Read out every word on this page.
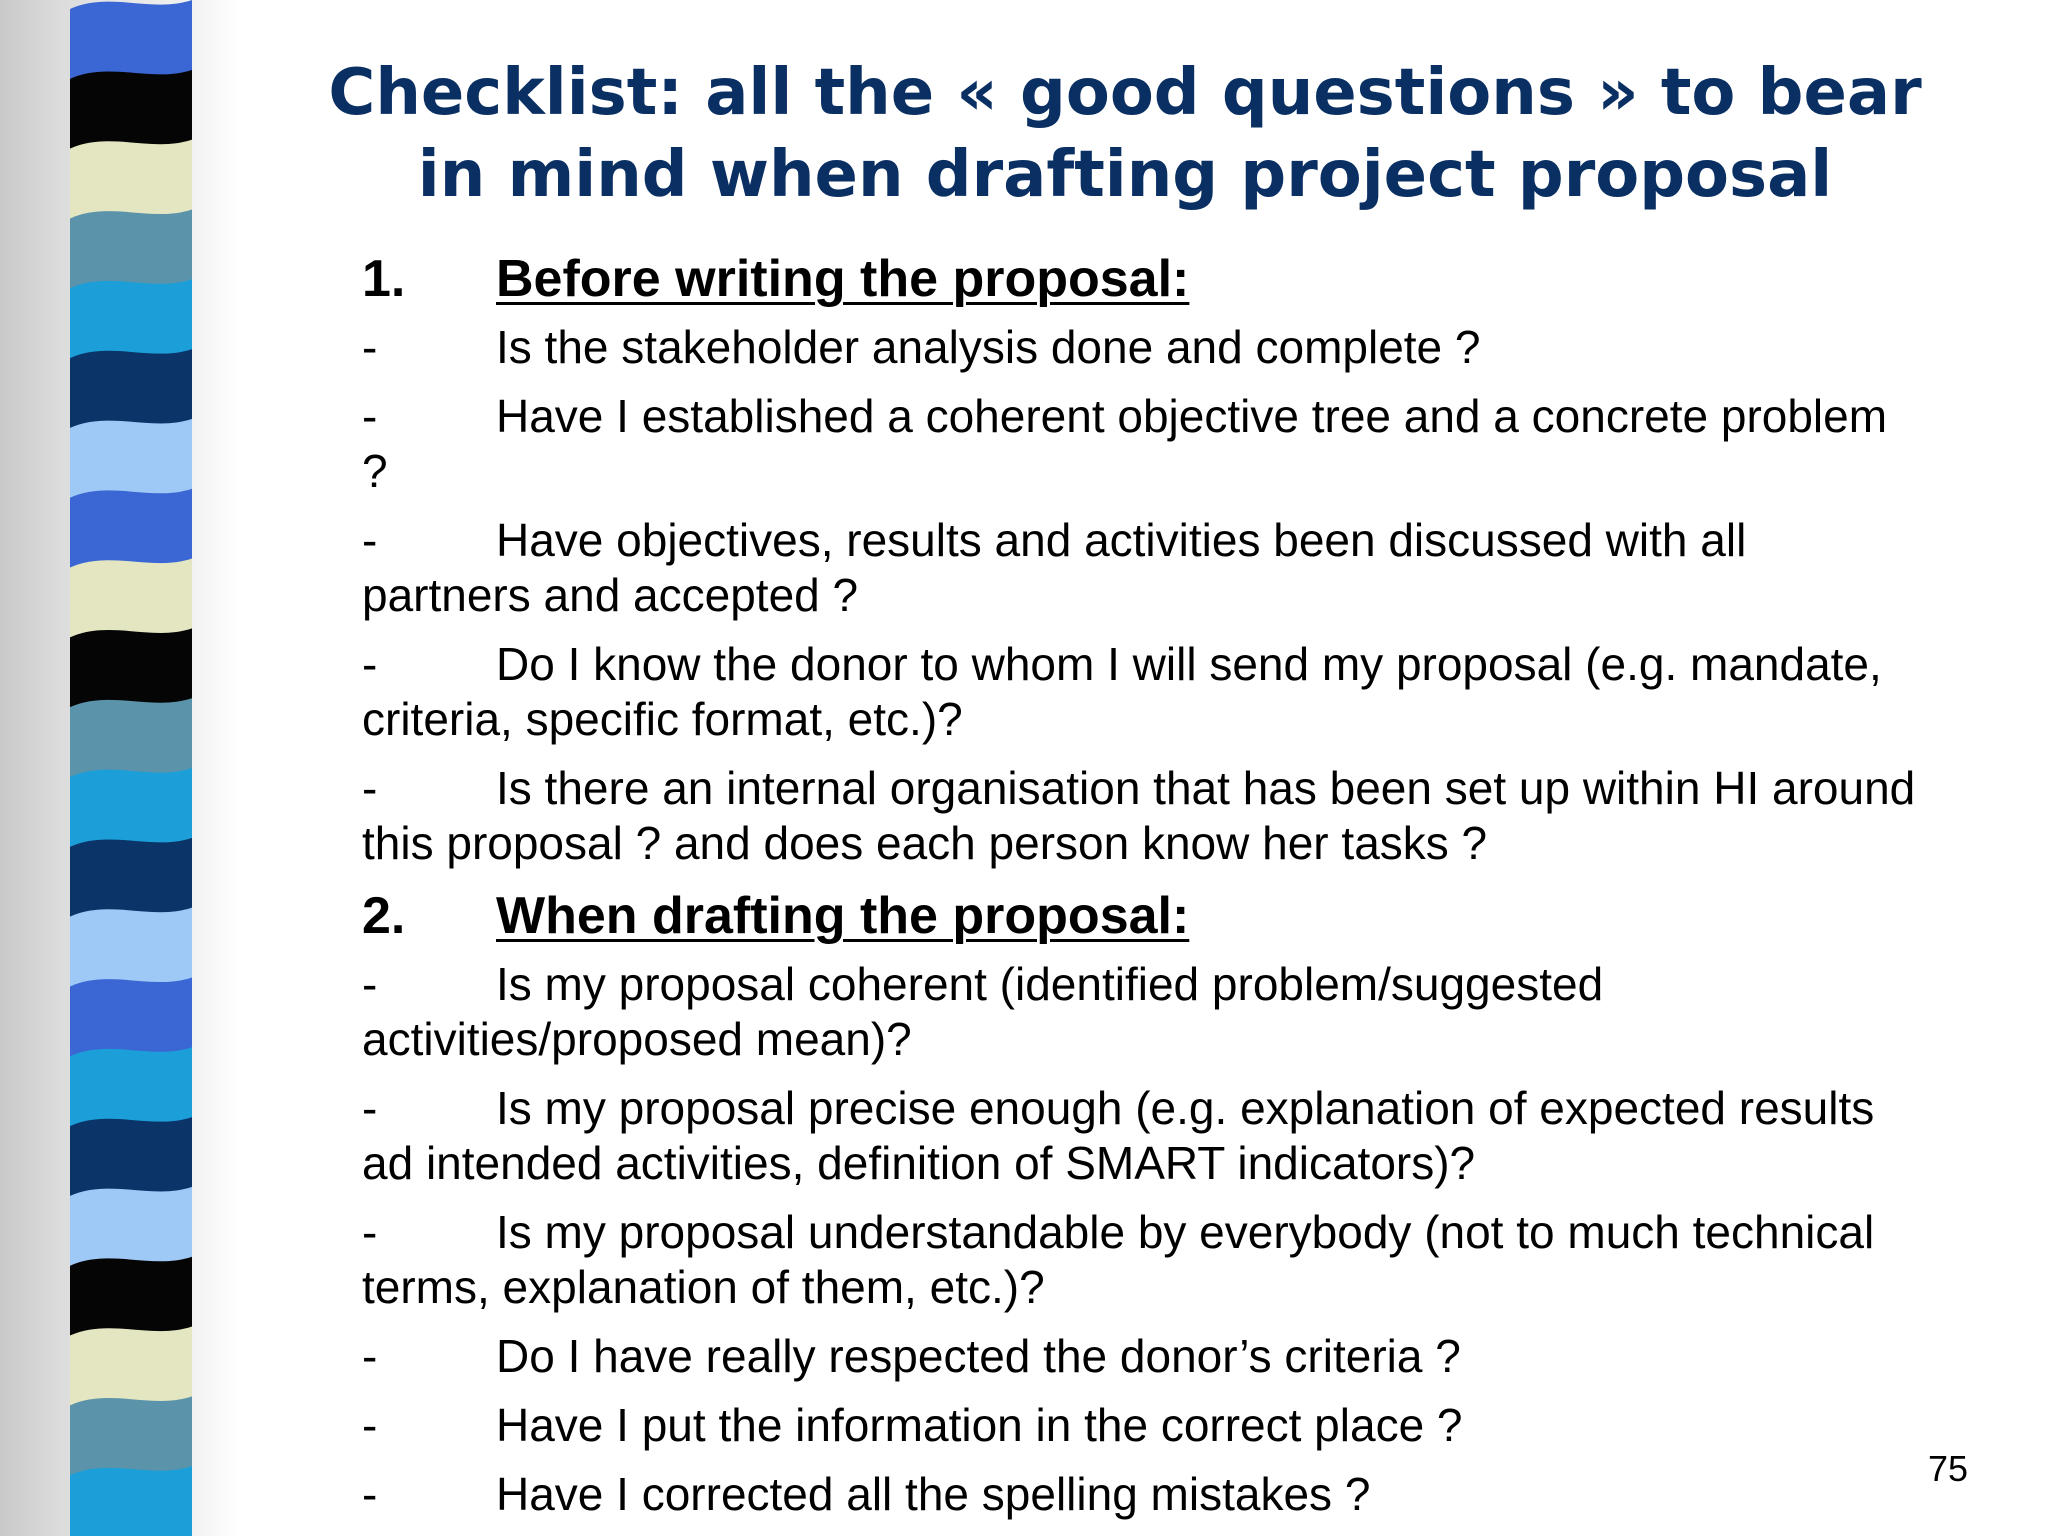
Checklist: all the « good questions » to bear in mind when drafting project proposal
1.	Before writing the proposal:
-	Is the stakeholder analysis done and complete ?
-	Have I established a coherent objective tree and a concrete problem ?
-	Have objectives, results and activities been discussed with all partners and accepted ?
-	Do I know the donor to whom I will send my proposal (e.g. mandate, criteria, specific format, etc.)?
-	Is there an internal organisation that has been set up within HI around this proposal ? and does each person know her tasks ?
2.	When drafting the proposal:
-	Is my proposal coherent (identified problem/suggested activities/proposed mean)?
-	Is my proposal precise enough (e.g. explanation of expected results ad intended activities, definition of SMART indicators)?
-	Is my proposal understandable by everybody (not to much technical terms, explanation of them, etc.)?
-	Do I have really respected the donor’s criteria ?
-	Have I put the information in the correct place ?
-	Have I corrected all the spelling mistakes ?	75
